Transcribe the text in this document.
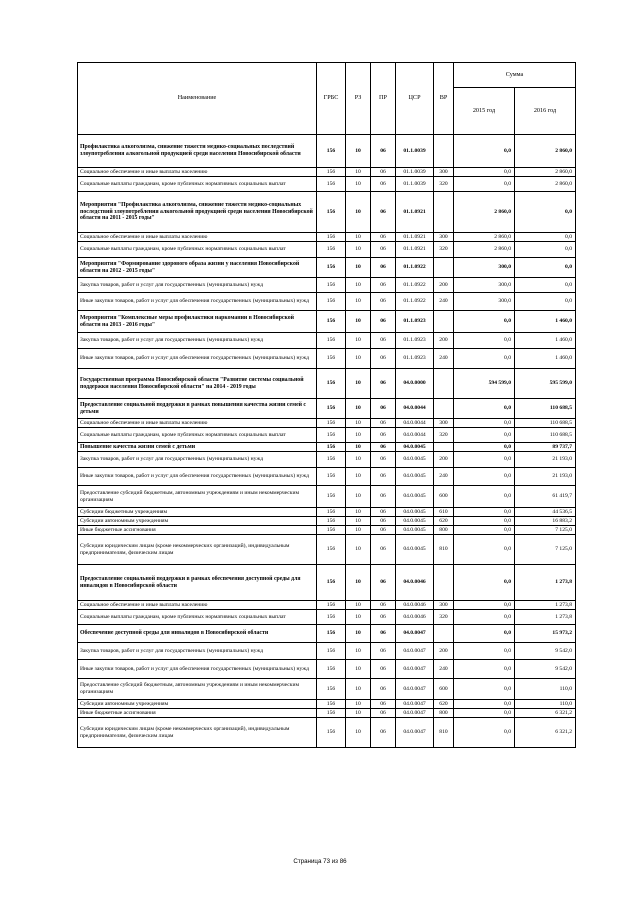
Наименование	ГРБС	РЗ	ПР	ЦСР	ВР	Сумма	
						2015 год	2016 год
Профилактика алкоголизма, снижение тяжести медико-социальных последствий злоупотребления алкогольной продукцией среди населения Новосибирской области	156	10	06	01.1.0039		0,0	2 860,0
Социальное обеспечение и иные выплаты населению	156	10	06	01.1.0039	300	0,0	2 860,0
Социальные выплаты гражданам, кроме публичных нормативных социальных выплат	156	10	06	01.1.0039	320	0,0	2 860,0
Мероприятия "Профилактика алкоголизма, снижение тяжести медико-социальных последствий злоупотребления алкогольной продукцией среди населения Новосибирской области на 2011 - 2015 годы"	156	10	06	01.1.0921		2 860,0	0,0
Социальное обеспечение и иные выплаты населению	156	10	06	01.1.0921	300	2 860,0	0,0
Социальные выплаты гражданам, кроме публичных нормативных социальных выплат	156	10	06	01.1.0921	320	2 860,0	0,0
Мероприятия "Формирование здорового образа жизни у населения Новосибирской области на 2012 - 2015 годы"	156	10	06	01.1.0922		300,0	0,0
Закупка товаров, работ и услуг для государственных (муниципальных) нужд	156	10	06	01.1.0922	200	300,0	0,0
Иные закупки товаров, работ и услуг для обеспечения государственных (муниципальных) нужд	156	10	06	01.1.0922	240	300,0	0,0
Мероприятия "Комплексные меры профилактики наркомании в Новосибирской области на 2013 - 2016 годы"	156	10	06	01.1.0923		0,0	1 460,0
Закупка товаров, работ и услуг для государственных (муниципальных) нужд	156	10	06	01.1.0923	200	0,0	1 460,0
Иные закупки товаров, работ и услуг для обеспечения государственных (муниципальных) нужд	156	10	06	01.1.0923	240	0,0	1 460,0
Государственная программа Новосибирской области "Развитие системы социальной поддержки населения Новосибирской области" на 2014 - 2019 годы	156	10	06	04.0.0000		594 599,0	595 599,0
Предоставление социальной поддержки в рамках повышения качества жизни семей с детьми	156	10	06	04.0.0044		0,0	110 688,5
Социальное обеспечение и иные выплаты населению	156	10	06	04.0.0044	300	0,0	110 688,5
Социальные выплаты гражданам, кроме публичных нормативных социальных выплат	156	10	06	04.0.0044	320	0,0	110 688,5
Повышение качества жизни семей с детьми	156	10	06	04.0.0045		0,0	89 737,7
Закупка товаров, работ и услуг для государственных (муниципальных) нужд	156	10	06	04.0.0045	200	0,0	21 193,0
Иные закупки товаров, работ и услуг для обеспечения государственных (муниципальных) нужд	156	10	06	04.0.0045	240	0,0	21 193,0
Предоставление субсидий бюджетным, автономным учреждениям и иным некоммерческим организациям	156	10	06	04.0.0045	600	0,0	61 419,7
Субсидии бюджетным учреждениям	156	10	06	04.0.0045	610	0,0	44 536,5
Субсидии автономным учреждениям	156	10	06	04.0.0045	620	0,0	16 883,2
Иные бюджетные ассигнования	156	10	06	04.0.0045	800	0,0	7 125,0
Субсидии юридическим лицам (кроме некоммерческих организаций), индивидуальным предпринимателям, физическим лицам	156	10	06	04.0.0045	810	0,0	7 125,0
Предоставление социальной поддержки в рамках обеспечения доступной среды для инвалидов в Новосибирской области	156	10	06	04.0.0046		0,0	1 273,8
Социальное обеспечение и иные выплаты населению	156	10	06	04.0.0046	300	0,0	1 273,8
Социальные выплаты гражданам, кроме публичных нормативных социальных выплат	156	10	06	04.0.0046	320	0,0	1 273,8
Обеспечение доступной среды для инвалидов в Новосибирской области	156	10	06	04.0.0047		0,0	15 973,2
Закупка товаров, работ и услуг для государственных (муниципальных) нужд	156	10	06	04.0.0047	200	0,0	9 542,0
Иные закупки товаров, работ и услуг для обеспечения государственных (муниципальных) нужд	156	10	06	04.0.0047	240	0,0	9 542,0
Предоставление субсидий бюджетным, автономным учреждениям и иным некоммерческим организациям	156	10	06	04.0.0047	600	0,0	110,0
Субсидии автономным учреждениям	156	10	06	04.0.0047	620	0,0	110,0
Иные бюджетные ассигнования	156	10	06	04.0.0047	800	0,0	6 321,2
Субсидии юридическим лицам (кроме некоммерческих организаций), индивидуальным предпринимателям, физическим лицам	156	10	06	04.0.0047	810	0,0	6 321,2
Страница 73 из 86
